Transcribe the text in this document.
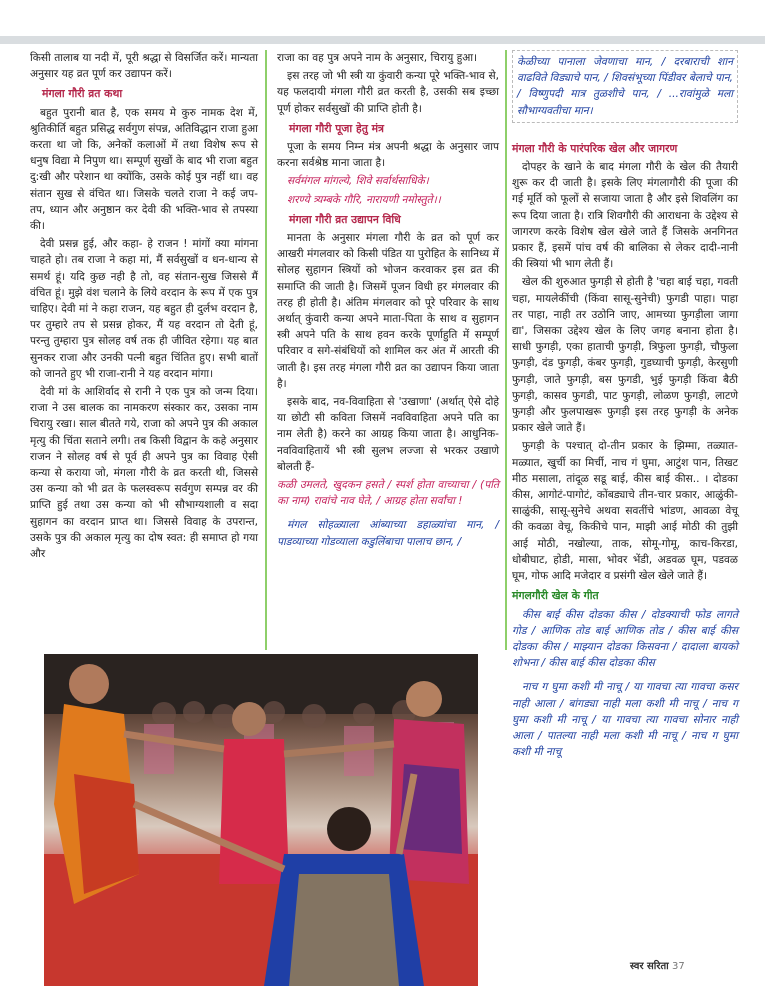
किसी तालाब या नदी में, पूरी श्रद्धा से विसर्जित करें। मान्यता अनुसार यह व्रत पूर्ण कर उद्यापन करें।

मंगला गौरी व्रत कथा

बहुत पुरानी बात है, एक समय मे कुरु नामक देश में, श्रुतिकीर्ति बहुत प्रसिद्ध सर्वगुण संपन्न, अतिविद्धान राजा हुआ करता था जो कि, अनेकों कलाओं में तथा विशेष रूप से धनुष विद्या मे निपुण था। सम्पूर्ण सुखों के बाद भी राजा बहुत दु:खी और परेशान था क्योंकि, उसके कोई पुत्र नहीं था। वह संतान सुख से वंचित था। जिसके चलते राजा ने कई जप-तप, ध्यान और अनुष्ठान कर देवी की भक्ति-भाव से तपस्या की।

देवी प्रसन्न हुई, और कहा- हे राजन ! मांगों क्या मांगना चाहते हो। तब राजा ने कहा मां, मैं सर्वसुखों व धन-धान्य से समर्थ हूं। यदि कुछ नही है तो, वह संतान-सुख जिससे मैं वंचित हूं। मुझे वंश चलाने के लिये वरदान के रूप में एक पुत्र चाहिए। देवी मां ने कहा राजन, यह बहुत ही दुर्लभ वरदान है, पर तुम्हारे तप से प्रसन्न होकर, मैं यह वरदान तो देती हूं, परन्तु तुम्हारा पुत्र सोलह वर्ष तक ही जीवित रहेगा। यह बात सुनकर राजा और उनकी पत्नी बहुत चिंतित हुए। सभी बातों को जानते हुए भी राजा-रानी ने यह वरदान मांगा।

देवी मां के आशिर्वाद से रानी ने एक पुत्र को जन्म दिया। राजा ने उस बालक का नामकरण संस्कार कर, उसका नाम चिरायु रखा। साल बीतते गये, राजा को अपने पुत्र की अकाल मृत्यु की चिंता सताने लगी। तब किसी विद्वान के कहे अनुसार राजन ने सोलह वर्ष से पूर्व ही अपने पुत्र का विवाह ऐसी कन्या से कराया जो, मंगला गौरी के व्रत करती थी, जिससे उस कन्या को भी व्रत के फलस्वरूप सर्वगुण सम्पन्न वर की प्राप्ति हुई तथा उस कन्या को भी सौभाग्यशाली व सदा सुहागन का वरदान प्राप्त था। जिससे विवाह के उपरान्त, उसके पुत्र की अकाल मृत्यु का दोष स्वत: ही समाप्त हो गया और

राजा का वह पुत्र अपने नाम के अनुसार, चिरायु हुआ।

इस तरह जो भी स्त्री या कुंवारी कन्या पूरे भक्ति-भाव से, यह फलदायी मंगला गौरी व्रत करती है, उसकी सब इच्छा पूर्ण होकर सर्वसुखों की प्राप्ति होती है।

मंगला गौरी पूजा हेतु मंत्र

पूजा के समय निम्न मंत्र अपनी श्रद्धा के अनुसार जाप करना सर्वश्रेष्ठ माना जाता है।

सर्वमंगल मांगल्ये, शिवे सर्वार्थसाधिके।

शरण्ये त्र्यम्बके गौरि, नारायणी नमोस्तुते।।

मंगला गौरी व्रत उद्यापन विधि

मानता के अनुसार मंगला गौरी के व्रत को पूर्ण कर आखरी मंगलवार को किसी पंडित या पुरोहित के सानिध्य में सोलह सुहागन स्त्रियों को भोजन करवाकर इस व्रत की समाप्ति की जाती है। जिसमें पूजन विधी हर मंगलवार की तरह ही होती है। अंतिम मंगलवार को पूरे परिवार के साथ अर्थात् कुंवारी कन्या अपने माता-पिता के साथ व सुहागन स्त्री अपने पति के साथ हवन करके पूर्णाहुति में सम्पूर्ण परिवार व सगे-संबंधियों को शामिल कर अंत में आरती की जाती है। इस तरह मंगला गौरी व्रत का उद्यापन किया जाता है।

इसके बाद, नव-विवाहिता से 'उखाणा' (अर्थात् ऐसे दोहे या छोटी सी कविता जिसमें नवविवाहिता अपने पति का नाम लेती है) करने का आग्रह किया जाता है। आधुनिक-नवविवाहितायें भी स्त्री सुलभ लज्जा से भरकर उखाणे बोलती हैं-

कळी उमलते, खुदकन हसते / स्पर्श होता वाच्याचा / (पति का नाम) रावांचे नाव घेते, / आग्रह होता सर्वांचा !

मंगल सोहळ्याला आंब्याच्या डहाळ्यांचा मान, / पाडव्याच्या गोडव्याला कडुलिंबाचा पालाच छान, /

केळीच्या पानाला जेवणाचा मान, / दरबाराची शान वाढविते विड्याचे पान, / शिवसंभूच्या पिंडीवर बेलाचे पान, / विष्णुपदी मात्र तुळशीचे पान, / ...रावांमुळे मला सौभाग्यवतीचा मान।
मंगला गौरी के पारंपरिक खेल और जागरण

दोपहर के खाने के बाद मंगला गौरी के खेल की तैयारी शुरू कर दी जाती है। इसके लिए मंगलागौरी की पूजा की गई मूर्ति को फूलों से सजाया जाता है और इसे शिवलिंग का रूप दिया जाता है। रात्रि शिवगौरी की आराधना के उद्देश्य से जागरण करके विशेष खेल खेले जाते हैं जिसके अनगिनत प्रकार हैं, इसमें पांच वर्ष की बालिका से लेकर दादी-नानी की स्त्रियां भी भाग लेती हैं।

खेल की शुरुआत फुगड़ी से होती है 'चहा बाई चहा, गवती चहा, मायलेकींची (किंवा सासू-सुनेची) फुगडी पाहा। पाहा तर पाहा, नाही तर उठोनि जाए, आमच्या फुगड़ीला जागा द्या', जिसका उद्देश्य खेल के लिए जगह बनाना होता है। साधी फुगड़ी, एका हाताची फुगड़ी, त्रिफुला फुगड़ी, चौफुला फुगड़ी, दंड फुगड़ी, कंबर फुगड़ी, गुडघ्याची फुगड़ी, केरसुणी फुगड़ी, जाते फुगड़ी, बस फुगडी, भुई फुगड़ी किंवा बैठी फुगड़ी, कासव फुगडी, पाट फुगड़ी, लोळण फुगड़ी, लाटणे फुगड़ी और फुलपाखरू फुगड़ी इस तरह फुगड़ी के अनेक प्रकार खेले जाते हैं।

फुगड़ी के पश्चात् दो-तीन प्रकार के झिम्मा, तळ्यात-मळ्यात, खुर्ची का मिर्ची, नाच गं घुमा, आटुंश पान, तिखट मीठ मसाला, तांदूळ सडू बाई, कीस बाई कीस.. । दोडका कीस, आगोटं-पागोटं, कोंबड्याचे तीन-चार प्रकार, आळुंकी-साळुंकी, सासू-सुनेचे अथवा सवतींचे भांडण, आवळा वेचू की कवळा वेचू, किकीचे पान, माझी आई मोठी की तुझी आई मोठी, नखोल्या, ताक, सोमू-गोमू, काच-किरडा, धोबीघाट, होडी, मासा, भोवर भेंडी, अडवळ घूम, पडवळ घूम, गोफ आदि मजेदार व प्रसंगी खेल खेले जाते हैं।

मंगलगौरी खेल के गीत

कीस बाई कीस दोडका कीस / दोडक्याची फोड लागते गोड / आणिक तोड बाई आणिक तोड / कीस बाई कीस दोडका कीस / माझ्यान दोडका किसवना / दादाला बायको शोभना / कीस बाई कीस दोडका कीस

नाच ग घुमा कशी मी नाचू / या गावचा त्या गावचा कसर नाही आला / बांगड्या नाही मला कशी मी नाचू / नाच ग घुमा कशी मी नाचू / या गावचा त्या गावचा सोनार नाही आला / पातल्या नाही मला कशी मी नाचू / नाच ग घुमा कशी मी नाचू

स्वर सरिता 37
